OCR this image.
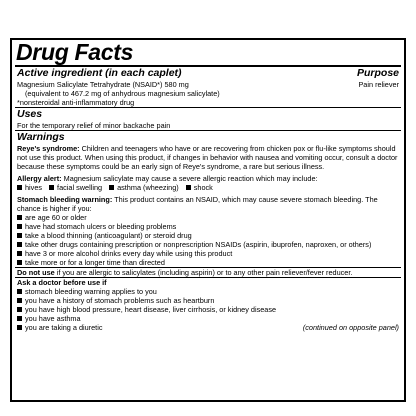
Drug Facts
Active ingredient (in each caplet)	Purpose
Magnesium Salicylate Tetrahydrate (NSAID*) 580 mg	Pain reliever
(equivalent to 467.2 mg of anhydrous magnesium salicylate)
*nonsteroidal anti-inflammatory drug
Uses
For the temporary relief of minor backache pain
Warnings
Reye's syndrome: Children and teenagers who have or are recovering from chicken pox or flu-like symptoms should not use this product. When using this product, if changes in behavior with nausea and vomiting occur, consult a doctor because these symptoms could be an early sign of Reye's syndrome, a rare but serious illness.
Allergy alert: Magnesium salicylate may cause a severe allergic reaction which may include:
hives facial swelling asthma (wheezing) shock
Stomach bleeding warning: This product contains an NSAID, which may cause severe stomach bleeding. The chance is higher if you:
are age 60 or older
have had stomach ulcers or bleeding problems
take a blood thinning (anticoagulant) or steroid drug
take other drugs containing prescription or nonprescription NSAIDs (aspirin, ibuprofen, naproxen, or others)
have 3 or more alcohol drinks every day while using this product
take more or for a longer time than directed
Do not use if you are allergic to salicylates (including aspirin) or to any other pain reliever/fever reducer.
Ask a doctor before use if
stomach bleeding warning applies to you
you have a history of stomach problems such as heartburn
you have high blood pressure, heart disease, liver cirrhosis, or kidney disease
you have asthma
you are taking a diuretic	(continued on opposite panel)
